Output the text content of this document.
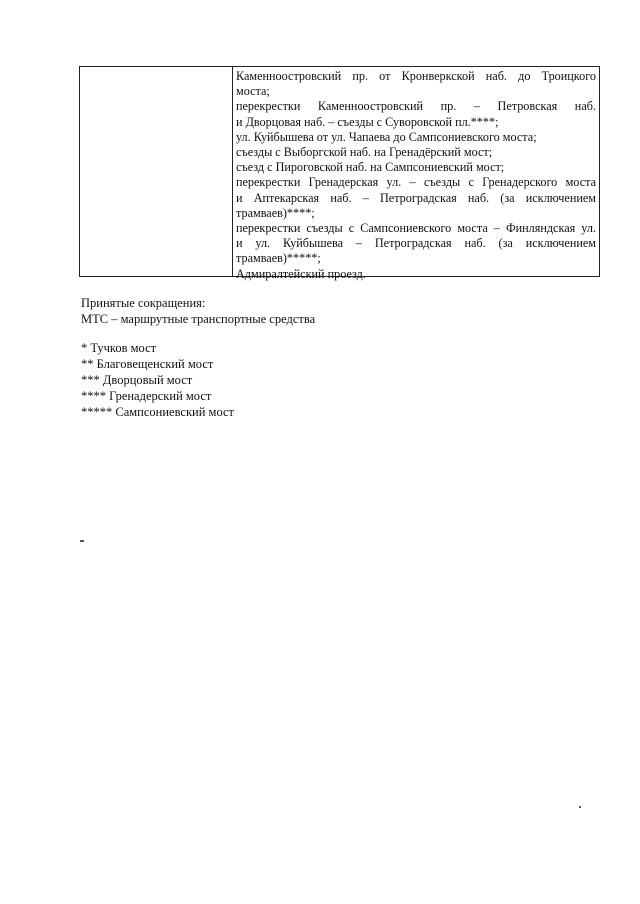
Каменноостровский пр. от Кронверкской наб. до Троицкого
моста;
перекрестки Каменноостровский пр. – Петровская наб.
и Дворцовая наб. – съезды с Суворовской пл.****;
ул. Куйбышева от ул. Чапаева до Сампсониевского моста;
съезды с Выборгской наб. на Гренадёрский мост;
съезд с Пироговской наб. на Сампсониевский мост;
перекрестки Гренадерская ул. – съезды с Гренадерского моста
и Аптекарская наб. – Петроградская наб. (за исключением
трамваев)****;
перекрестки съезды с Сампсониевского моста – Финляндская ул.
и ул. Куйбышева – Петроградская наб. (за исключением
трамваев)*****;
Адмиралтейский проезд.
Принятые сокращения:
МТС – маршрутные транспортные средства
* Тучков мост
** Благовещенский мост
*** Дворцовый мост
**** Гренадерский мост
***** Сампсониевский мост
